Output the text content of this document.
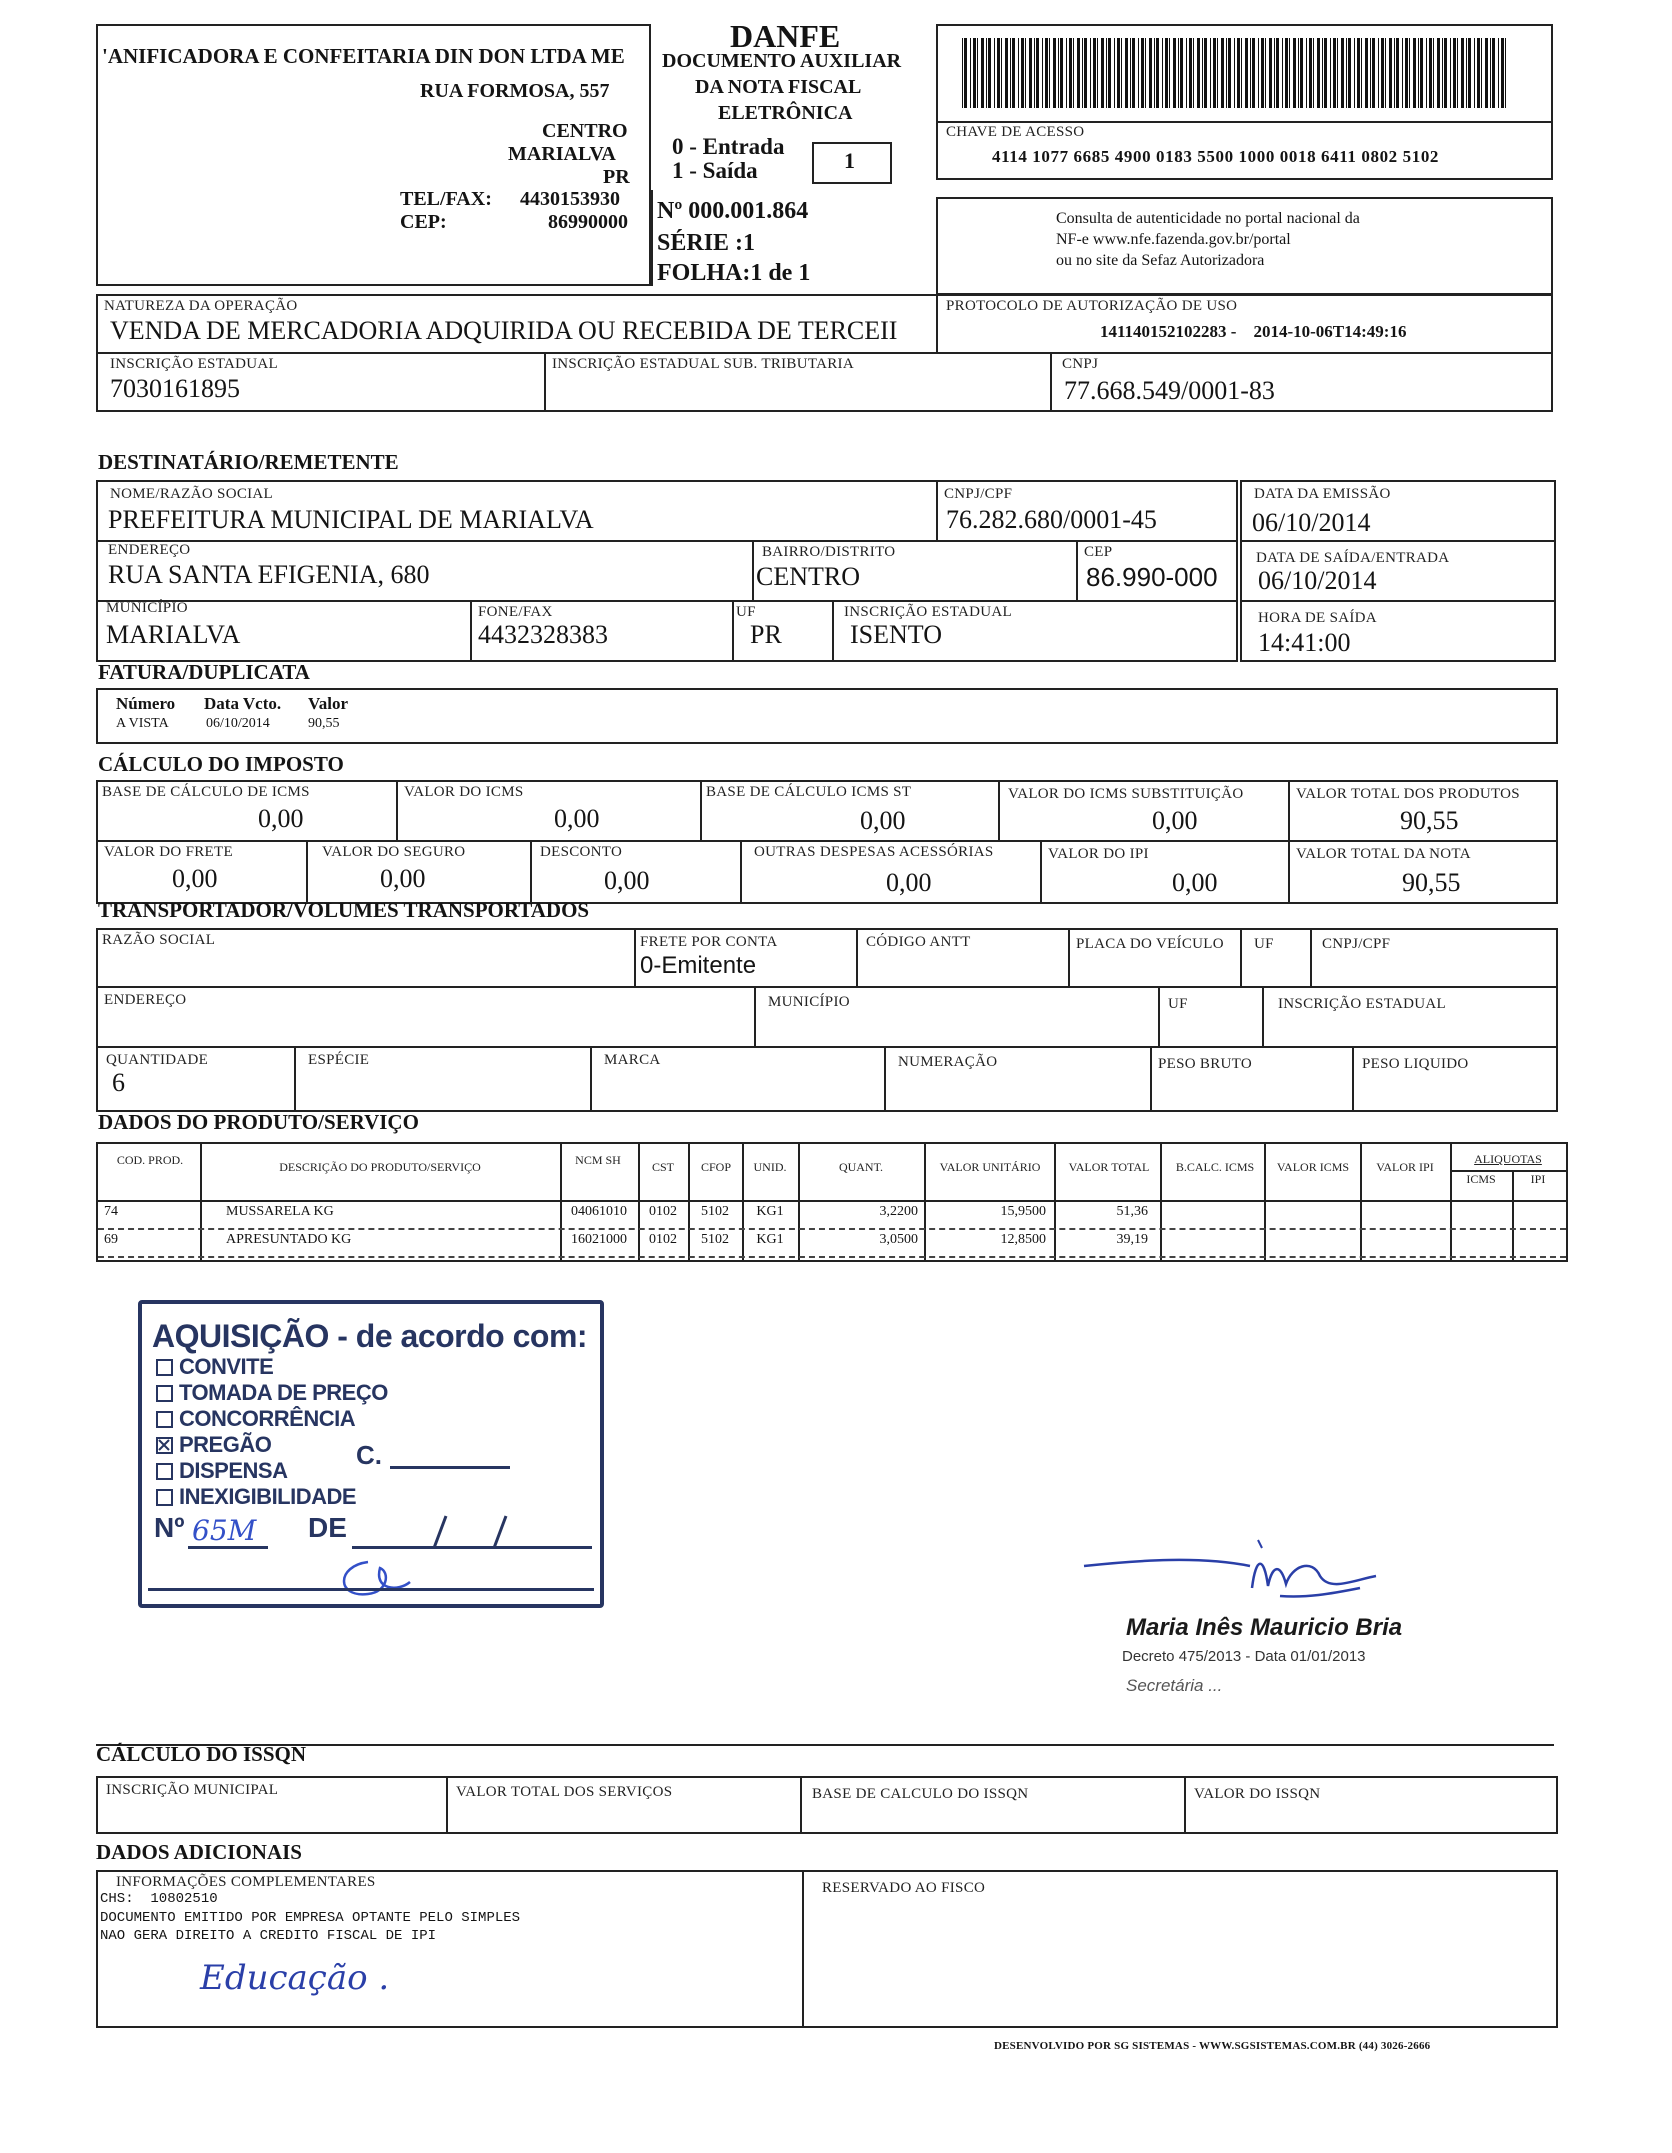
'ANIFICADORA E CONFEITARIA DIN DON LTDA ME
RUA FORMOSA, 557
CENTRO
MARIALVA
PR
TEL/FAX: 4430153930
CEP:	86990000
DANFE
DOCUMENTO AUXILIAR
DA NOTA FISCAL
ELETRÔNICA
0 - Entrada
1 - Saída	1
Nº 000.001.864
SÉRIE :1
FOLHA:1 de 1
CHAVE DE ACESSO
4114 1077 6685 4900 0183 5500 1000 0018 6411 0802 5102
Consulta de autenticidade no portal nacional da
NF-e www.nfe.fazenda.gov.br/portal
ou no site da Sefaz Autorizadora
NATUREZA DA OPERAÇÃO
VENDA DE MERCADORIA ADQUIRIDA OU RECEBIDA DE TERCEII
PROTOCOLO DE AUTORIZAÇÃO DE USO
141140152102283 -    2014-10-06T14:49:16
INSCRIÇÃO ESTADUAL
7030161895
INSCRIÇÃO ESTADUAL SUB. TRIBUTARIA	CNPJ
77.668.549/0001-83
DESTINATÁRIO/REMETENTE
NOME/RAZÃO SOCIAL
PREFEITURA MUNICIPAL DE MARIALVA
CNPJ/CPF
76.282.680/0001-45
DATA DA EMISSÃO
06/10/2014
ENDEREÇO
RUA SANTA EFIGENIA, 680
BAIRRO/DISTRITO
CENTRO
CEP
86.990-000
DATA DE SAÍDA/ENTRADA
06/10/2014
MUNICÍPIO
MARIALVA
FONE/FAX
4432328383
UF
PR
INSCRIÇÃO ESTADUAL
ISENTO
HORA DE SAÍDA
14:41:00
FATURA/DUPLICATA
Número Data Vcto. Valor
A VISTA	06/10/2014	90,55
CÁLCULO DO IMPOSTO
BASE DE CÁLCULO DE ICMS
0,00
VALOR DO ICMS
0,00
BASE DE CÁLCULO ICMS ST
0,00
VALOR DO ICMS SUBSTITUIÇÃO
0,00
VALOR TOTAL DOS PRODUTOS
90,55
VALOR DO FRETE
0,00
VALOR DO SEGURO
0,00
DESCONTO
0,00
OUTRAS DESPESAS ACESSÓRIAS
0,00
VALOR DO IPI
0,00
VALOR TOTAL DA NOTA
90,55
TRANSPORTADOR/VOLUMES TRANSPORTADOS
RAZÃO SOCIAL	FRETE POR CONTA
0-Emitente
CÓDIGO ANTT	PLACA DO VEÍCULO UF	CNPJ/CPF
ENDEREÇO	MUNICÍPIO	UF	INSCRIÇÃO ESTADUAL
QUANTIDADE
6
ESPÉCIE	MARCA	NUMERAÇÃO	PESO BRUTO	PESO LIQUIDO
DADOS DO PRODUTO/SERVIÇO
COD. PROD.	DESCRIÇÃO DO PRODUTO/SERVIÇO	NCM SH	CST	CFOP	UNID.	QUANT.	VALOR UNITÁRIO	VALOR TOTAL	B.CALC. ICMS	VALOR ICMS	VALOR IPI
ALIQUOTAS
ICMS	IPI
74	MUSSARELA KG	04061010	0102	5102	KG1	3,2200	15,9500	51,36
69	APRESUNTADO KG	16021000	0102	5102	KG1	3,0500	12,8500	39,19
AQUISIÇÃO - de acordo com:
CONVITE
TOMADA DE PREÇO
CONCORRÊNCIA
PREGÃO
DISPENSA
INEXIGIBILIDADE
C.
Nº 65M DE
Maria Inês Mauricio Bria
Decreto 475/2013 - Data 01/01/2013
Secretária ...
CÁLCULO DO ISSQN
INSCRIÇÃO MUNICIPAL	VALOR TOTAL DOS SERVIÇOS	BASE DE CALCULO DO ISSQN	VALOR DO ISSQN
DADOS ADICIONAIS
INFORMAÇÕES COMPLEMENTARES
CHS:  10802510
DOCUMENTO EMITIDO POR EMPRESA OPTANTE PELO SIMPLES
NAO GERA DIREITO A CREDITO FISCAL DE IPI
Educação .
RESERVADO AO FISCO
DESENVOLVIDO POR SG SISTEMAS - WWW.SGSISTEMAS.COM.BR (44) 3026-2666
